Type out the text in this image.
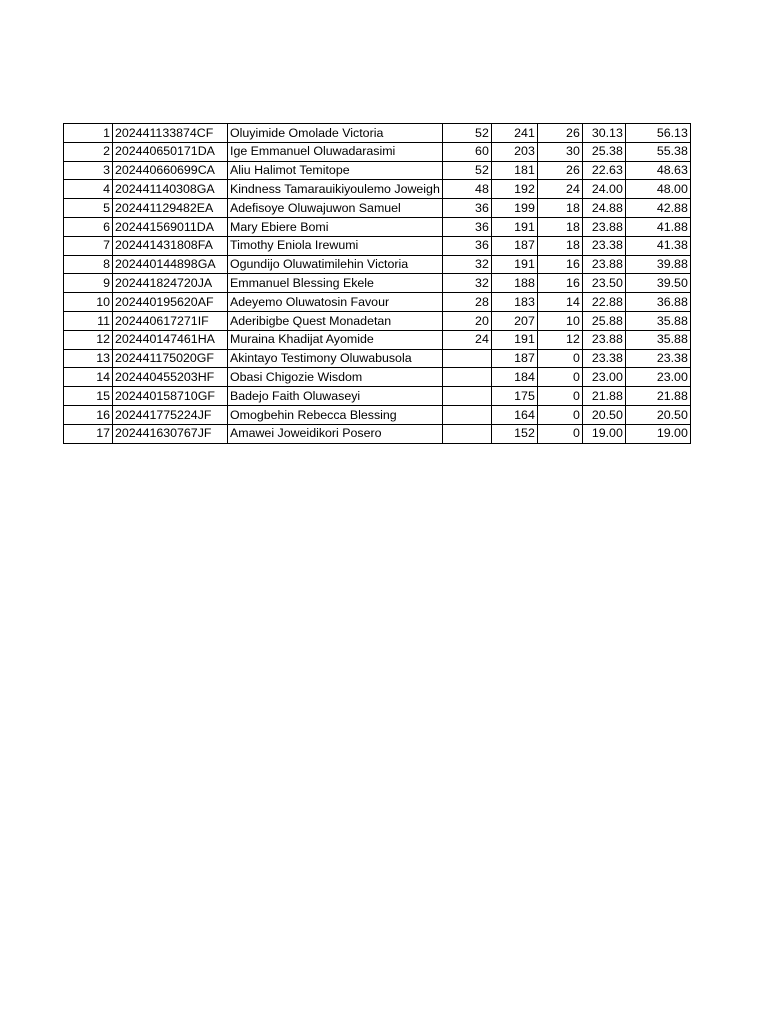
1	202441133874CF	Oluyimide Omolade Victoria	52	241	26	30.13	56.13
2	202440650171DA	Ige Emmanuel Oluwadarasimi	60	203	30	25.38	55.38
3	202440660699CA	Aliu Halimot Temitope	52	181	26	22.63	48.63
4	202441140308GA	Kindness Tamarauikiyoulemo Joweigh	48	192	24	24.00	48.00
5	202441129482EA	Adefisoye Oluwajuwon Samuel	36	199	18	24.88	42.88
6	202441569011DA	Mary Ebiere Bomi	36	191	18	23.88	41.88
7	202441431808FA	Timothy Eniola Irewumi	36	187	18	23.38	41.38
8	202440144898GA	Ogundijo Oluwatimilehin Victoria	32	191	16	23.88	39.88
9	202441824720JA	Emmanuel Blessing Ekele	32	188	16	23.50	39.50
10	202440195620AF	Adeyemo Oluwatosin Favour	28	183	14	22.88	36.88
11	202440617271IF	Aderibigbe Quest Monadetan	20	207	10	25.88	35.88
12	202440147461HA	Muraina Khadijat Ayomide	24	191	12	23.88	35.88
13	202441175020GF	Akintayo Testimony Oluwabusola		187	0	23.38	23.38
14	202440455203HF	Obasi Chigozie Wisdom		184	0	23.00	23.00
15	202440158710GF	Badejo Faith Oluwaseyi		175	0	21.88	21.88
16	202441775224JF	Omogbehin Rebecca Blessing		164	0	20.50	20.50
17	202441630767JF	Amawei Joweidikori Posero		152	0	19.00	19.00
